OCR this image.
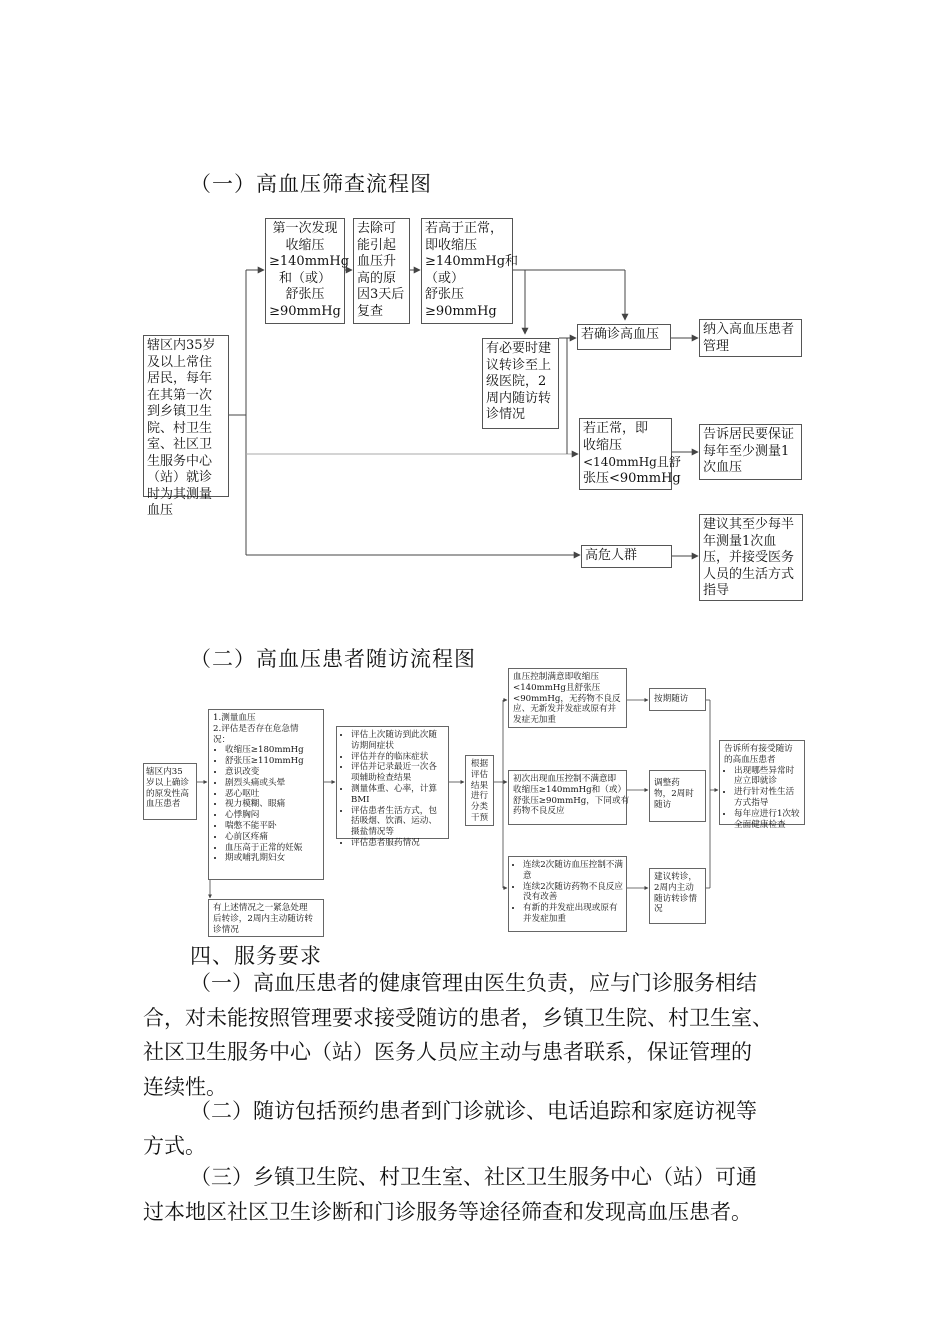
（一）高血压筛查流程图
辖区内35岁
及以上常住
居民，每年
在其第一次
到乡镇卫生
院、村卫生
室、社区卫
生服务中心
（站）就诊
时为其测量
血压
第一次发现
收缩压
≥140mmHg
和（或）
舒张压
≥90mmHg
去除可
能引起
血压升
高的原
因3天后
复查
若高于正常，
即收缩压
≥140mmHg和
（或）
舒张压
≥90mmHg
有必要时建
议转诊至上
级医院，2
周内随访转
诊情况
若确诊高血压	纳入高血压患者
管理
若正常，即
收缩压
<140mmHg且舒
张压<90mmHg
告诉居民要保证
每年至少测量1
次血压
高危人群
建议其至少每半
年测量1次血
压，并接受医务
人员的生活方式
指导
（二）高血压患者随访流程图
辖区内35
岁以上确诊
的原发性高
血压患者
1.测量血压
2.评估是否存在危急情
况：
• 收缩压≥180mmHg
• 舒张压≥110mmHg
• 意识改变
• 剧烈头痛或头晕
• 恶心呕吐
• 视力模糊、眼痛
• 心悸胸闷
• 喘憋不能平卧
• 心前区疼痛
• 血压高于正常的妊娠
• 期或哺乳期妇女
有上述情况之一紧急处理
后转诊，2周内主动随访转
诊情况
• 评估上次随访到此次随
访期间症状
• 评估并存的临床症状
• 评估并记录最近一次各
项辅助检查结果
• 测量体重、心率，计算
BMI
• 评估患者生活方式，包
括吸烟、饮酒、运动、
摄盐情况等
• 评估患者服药情况
根据
评估
结果
进行
分类
干预
血压控制满意即收缩压
<140mmHg且舒张压
<90mmHg，无药物不良反
应、无新发并发症或原有并
发症无加重
初次出现血压控制不满意即
收缩压≥140mmHg和（或）
舒张压≥90mmHg，下同或有
药物不良反应
• 连续2次随访血压控制不满
意
• 连续2次随访药物不良反应
没有改善
• 有新的并发症出现或原有
并发症加重
按期随访
调整药
物，2周时
随访
建议转诊，
2周内主动
随访转诊情
况
告诉所有接受随访
的高血压患者
• 出现哪些异常时
应立即就诊
• 进行针对性生活
方式指导
• 每年应进行1次较
全面健康检查
四、服务要求
（一）高血压患者的健康管理由医生负责，应与门诊服务相结
合，对未能按照管理要求接受随访的患者，乡镇卫生院、村卫生室、
社区卫生服务中心（站）医务人员应主动与患者联系，保证管理的
连续性。
（二）随访包括预约患者到门诊就诊、电话追踪和家庭访视等
方式。
（三）乡镇卫生院、村卫生室、社区卫生服务中心（站）可通
过本地区社区卫生诊断和门诊服务等途径筛查和发现高血压患者。
